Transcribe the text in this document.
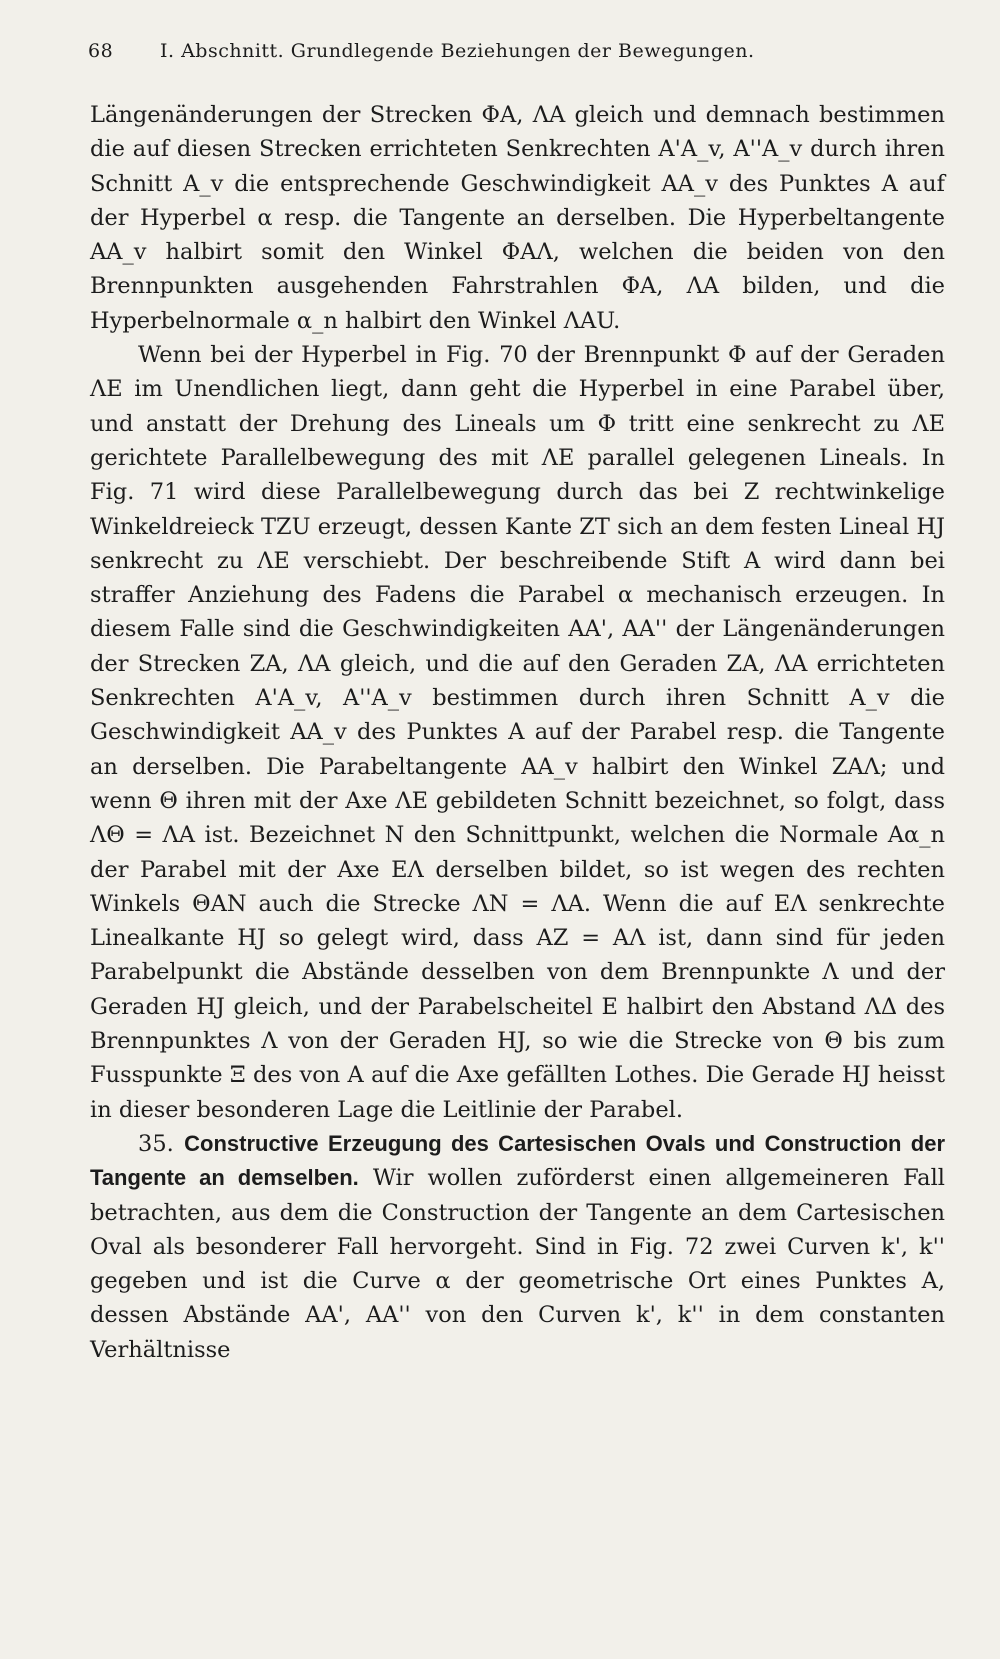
68 I. Abschnitt. Grundlegende Beziehungen der Bewegungen.

Längenänderungen der Strecken ΦA, ΛA gleich und demnach bestimmen die auf diesen Strecken errichteten Senkrechten A'A_v, A''A_v durch ihren Schnitt A_v die entsprechende Geschwindigkeit AA_v des Punktes A auf der Hyperbel α resp. die Tangente an derselben. Die Hyperbeltangente AA_v halbirt somit den Winkel ΦAΛ, welchen die beiden von den Brennpunkten ausgehenden Fahrstrahlen ΦA, ΛA bilden, und die Hyperbelnormale α_n halbirt den Winkel ΛAU.

Wenn bei der Hyperbel in Fig. 70 der Brennpunkt Φ auf der Geraden ΛE im Unendlichen liegt, dann geht die Hyperbel in eine Parabel über, und anstatt der Drehung des Lineals um Φ tritt eine senkrecht zu ΛE gerichtete Parallelbewegung des mit ΛE parallel gelegenen Lineals. In Fig. 71 wird diese Parallelbewegung durch das bei Z rechtwinkelige Winkeldreieck TZU erzeugt, dessen Kante ZT sich an dem festen Lineal HJ senkrecht zu ΛE verschiebt. Der beschreibende Stift A wird dann bei straffer Anziehung des Fadens die Parabel α mechanisch erzeugen. In diesem Falle sind die Geschwindigkeiten AA', AA'' der Längenänderungen der Strecken ZA, ΛA gleich, und die auf den Geraden ZA, ΛA errichteten Senkrechten A'A_v, A''A_v bestimmen durch ihren Schnitt A_v die Geschwindigkeit AA_v des Punktes A auf der Parabel resp. die Tangente an derselben. Die Parabeltangente AA_v halbirt den Winkel ZAΛ; und wenn Θ ihren mit der Axe ΛE gebildeten Schnitt bezeichnet, so folgt, dass ΛΘ = ΛA ist. Bezeichnet N den Schnittpunkt, welchen die Normale Aα_n der Parabel mit der Axe EΛ derselben bildet, so ist wegen des rechten Winkels ΘAN auch die Strecke ΛN = ΛA. Wenn die auf EΛ senkrechte Linealkante HJ so gelegt wird, dass AZ = AΛ ist, dann sind für jeden Parabelpunkt die Abstände desselben von dem Brennpunkte Λ und der Geraden HJ gleich, und der Parabelscheitel E halbirt den Abstand ΛΔ des Brennpunktes Λ von der Geraden HJ, so wie die Strecke von Θ bis zum Fusspunkte Ξ des von A auf die Axe gefällten Lothes. Die Gerade HJ heisst in dieser besonderen Lage die Leitlinie der Parabel.

35. Constructive Erzeugung des Cartesischen Ovals und Construction der Tangente an demselben. Wir wollen zuförderst einen allgemeineren Fall betrachten, aus dem die Construction der Tangente an dem Cartesischen Oval als besonderer Fall hervorgeht. Sind in Fig. 72 zwei Curven k', k'' gegeben und ist die Curve α der geometrische Ort eines Punktes A, dessen Abstände AA', AA'' von den Curven k', k'' in dem constanten Verhältnisse
